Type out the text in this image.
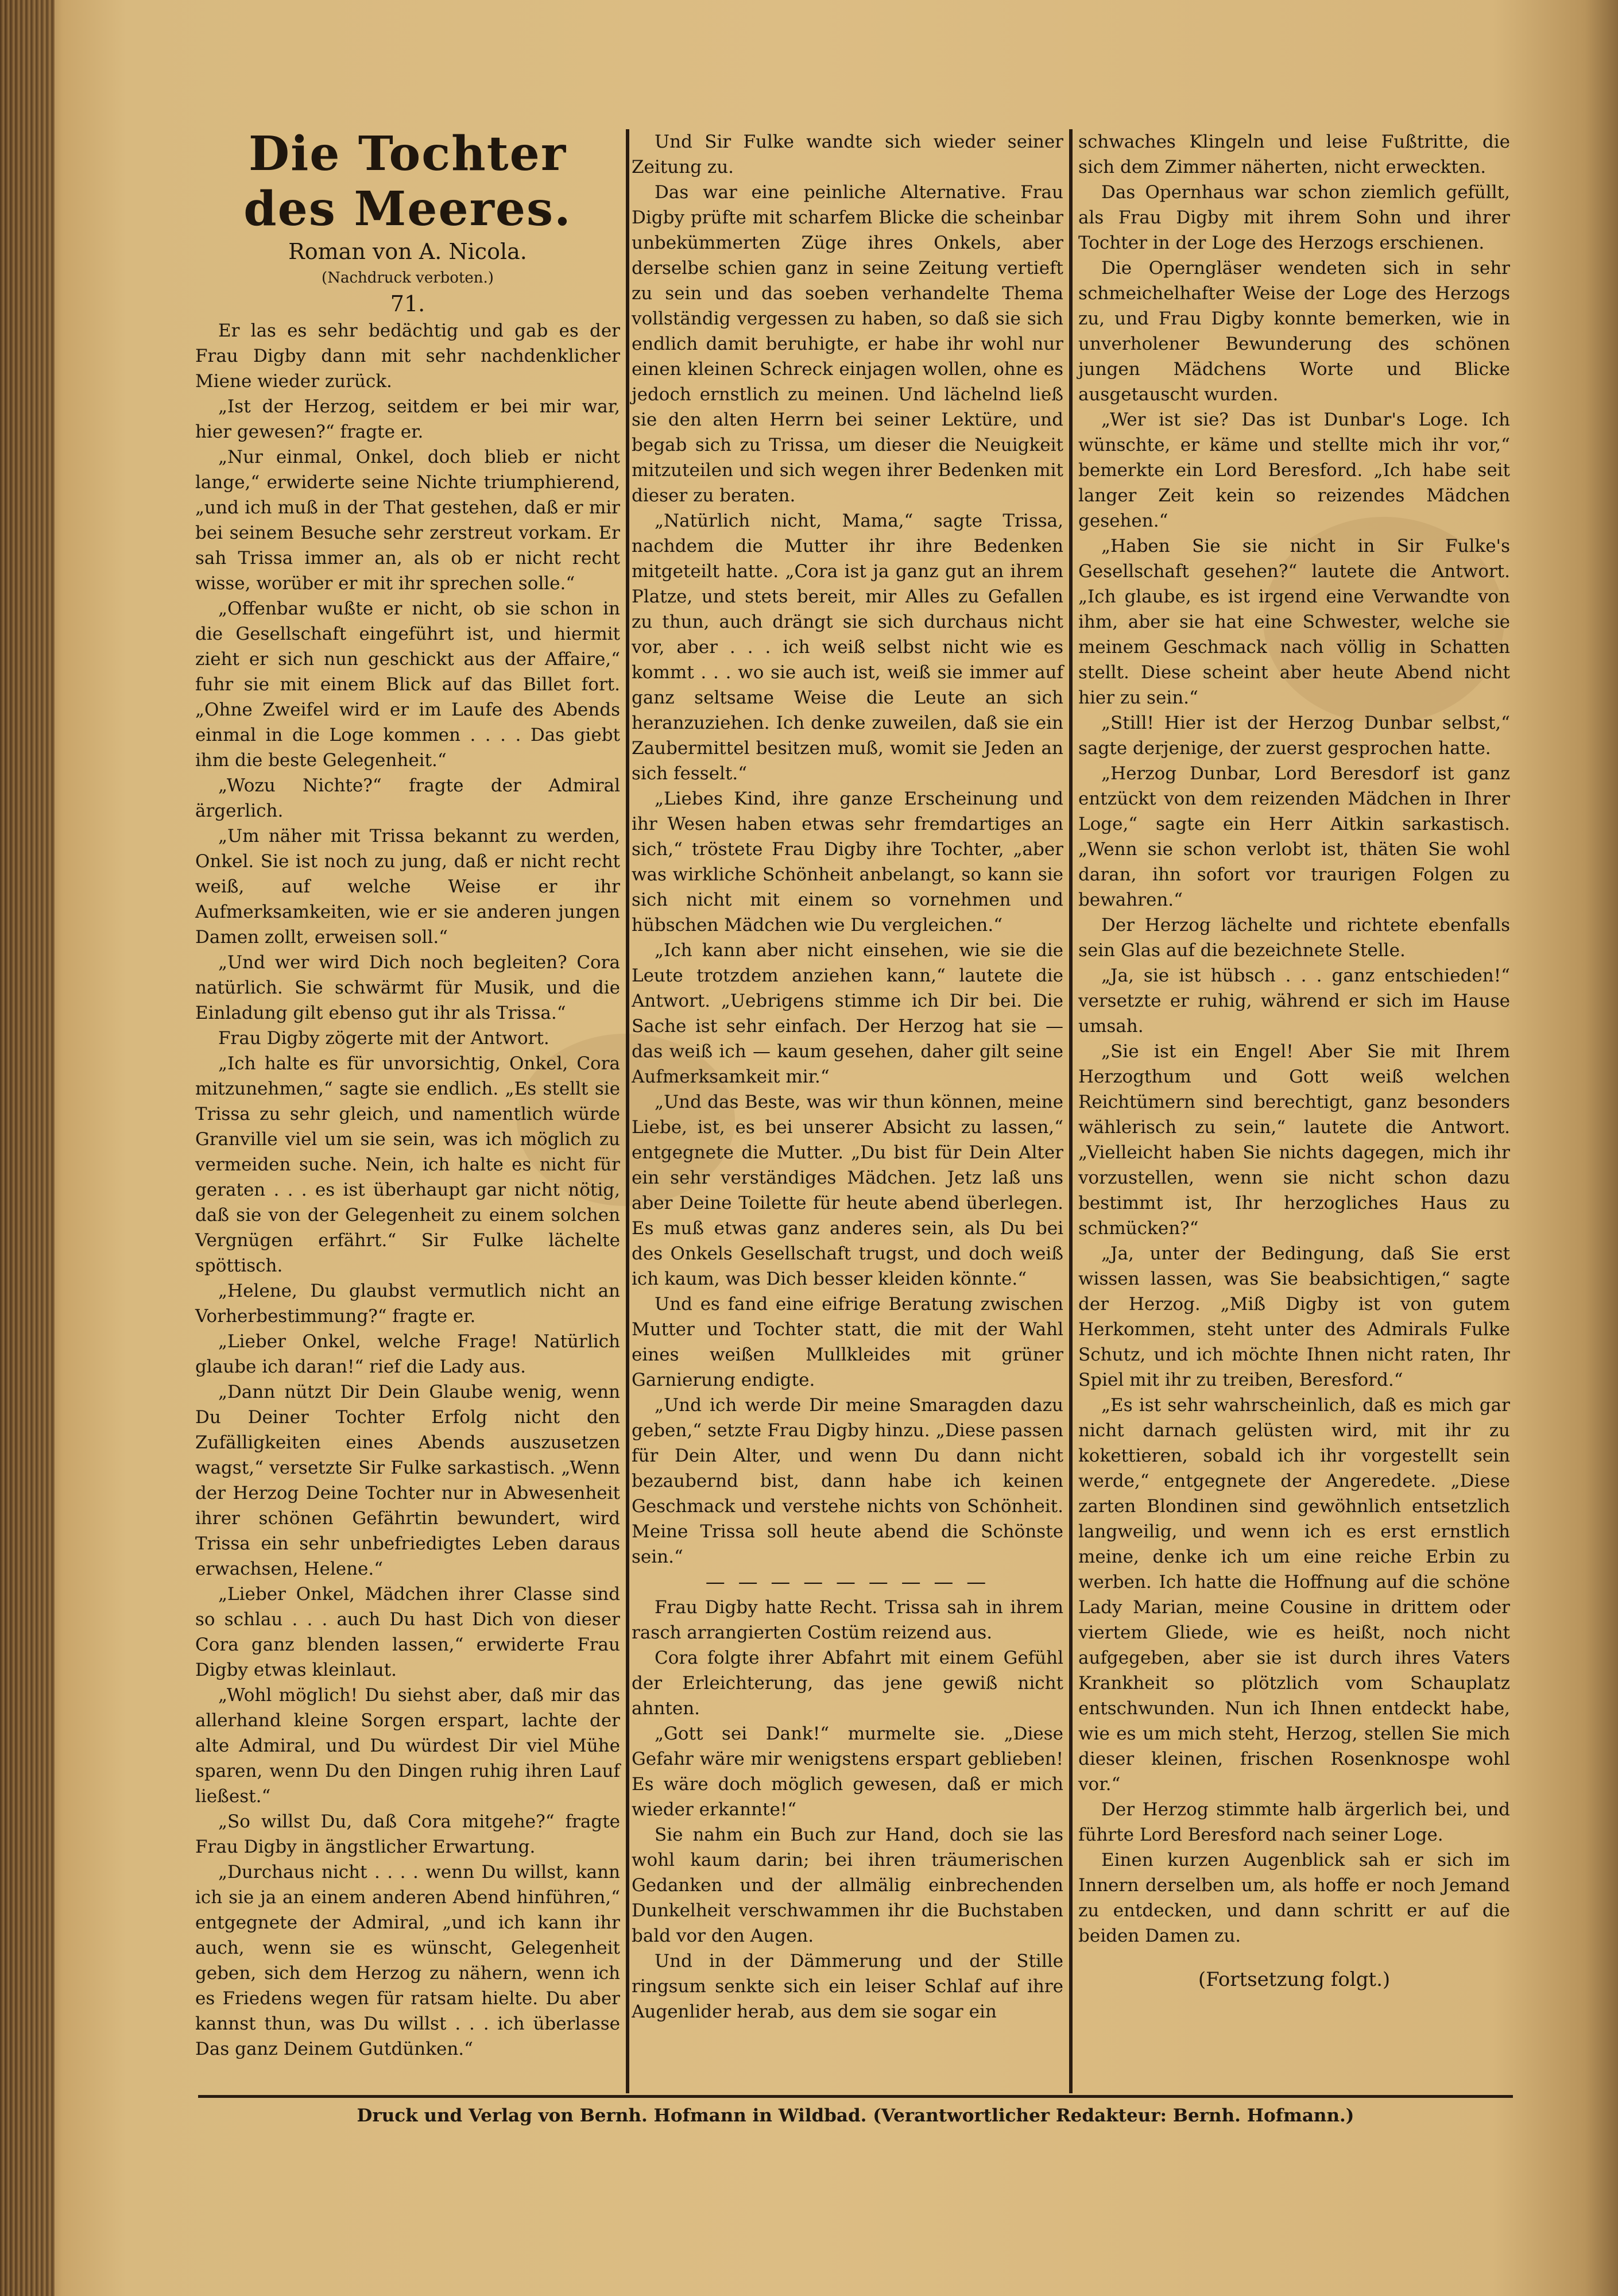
Die Tochter des Meeres.
Roman von A. Nicola.
(Nachdruck verboten.)
71.

Er las es sehr bedächtig und gab es der Frau Digby dann mit sehr nachdenklicher Miene wieder zurück.

„Ist der Herzog, seitdem er bei mir war, hier gewesen?“ fragte er.

„Nur einmal, Onkel, doch blieb er nicht lange,“ erwiderte seine Nichte triumphierend, „und ich muß in der That gestehen, daß er mir bei seinem Besuche sehr zerstreut vorkam. Er sah Trissa immer an, als ob er nicht recht wisse, worüber er mit ihr sprechen solle.“

„Offenbar wußte er nicht, ob sie schon in die Gesellschaft eingeführt ist, und hiermit zieht er sich nun geschickt aus der Affaire,“ fuhr sie mit einem Blick auf das Billet fort. „Ohne Zweifel wird er im Laufe des Abends einmal in die Loge kommen . . . . Das giebt ihm die beste Gelegenheit.“

„Wozu Nichte?“ fragte der Admiral ärgerlich.

„Um näher mit Trissa bekannt zu werden, Onkel. Sie ist noch zu jung, daß er nicht recht weiß, auf welche Weise er ihr Aufmerksamkeiten, wie er sie anderen jungen Damen zollt, erweisen soll.“

„Und wer wird Dich noch begleiten? Cora natürlich. Sie schwärmt für Musik, und die Einladung gilt ebenso gut ihr als Trissa.“

Frau Digby zögerte mit der Antwort.

„Ich halte es für unvorsichtig, Onkel, Cora mitzunehmen,“ sagte sie endlich. „Es stellt sie Trissa zu sehr gleich, und namentlich würde Granville viel um sie sein, was ich möglich zu vermeiden suche. Nein, ich halte es nicht für geraten . . . es ist überhaupt gar nicht nötig, daß sie von der Gelegenheit zu einem solchen Vergnügen erfährt.“ Sir Fulke lächelte spöttisch.

„Helene, Du glaubst vermutlich nicht an Vorherbestimmung?“ fragte er.

„Lieber Onkel, welche Frage! Natürlich glaube ich daran!“ rief die Lady aus.

„Dann nützt Dir Dein Glaube wenig, wenn Du Deiner Tochter Erfolg nicht den Zufälligkeiten eines Abends auszusetzen wagst,“ versetzte Sir Fulke sarkastisch. „Wenn der Herzog Deine Tochter nur in Abwesenheit ihrer schönen Gefährtin bewundert, wird Trissa ein sehr unbefriedigtes Leben daraus erwachsen, Helene.“

„Lieber Onkel, Mädchen ihrer Classe sind so schlau . . . auch Du hast Dich von dieser Cora ganz blenden lassen,“ erwiderte Frau Digby etwas kleinlaut.

„Wohl möglich! Du siehst aber, daß mir das allerhand kleine Sorgen erspart, lachte der alte Admiral, und Du würdest Dir viel Mühe sparen, wenn Du den Dingen ruhig ihren Lauf ließest.“

„So willst Du, daß Cora mitgehe?“ fragte Frau Digby in ängstlicher Erwartung.

„Durchaus nicht . . . . wenn Du willst, kann ich sie ja an einem anderen Abend hinführen,“ entgegnete der Admiral, „und ich kann ihr auch, wenn sie es wünscht, Gelegenheit geben, sich dem Herzog zu nähern, wenn ich es Friedens wegen für ratsam hielte. Du aber kannst thun, was Du willst . . . ich überlasse Das ganz Deinem Gutdünken.“

Und Sir Fulke wandte sich wieder seiner Zeitung zu.

Das war eine peinliche Alternative. Frau Digby prüfte mit scharfem Blicke die scheinbar unbekümmerten Züge ihres Onkels, aber derselbe schien ganz in seine Zeitung vertieft zu sein und das soeben verhandelte Thema vollständig vergessen zu haben, so daß sie sich endlich damit beruhigte, er habe ihr wohl nur einen kleinen Schreck einjagen wollen, ohne es jedoch ernstlich zu meinen. Und lächelnd ließ sie den alten Herrn bei seiner Lektüre, und begab sich zu Trissa, um dieser die Neuigkeit mitzuteilen und sich wegen ihrer Bedenken mit dieser zu beraten.

„Natürlich nicht, Mama,“ sagte Trissa, nachdem die Mutter ihr ihre Bedenken mitgeteilt hatte. „Cora ist ja ganz gut an ihrem Platze, und stets bereit, mir Alles zu Gefallen zu thun, auch drängt sie sich durchaus nicht vor, aber . . . ich weiß selbst nicht wie es kommt . . . wo sie auch ist, weiß sie immer auf ganz seltsame Weise die Leute an sich heranzuziehen. Ich denke zuweilen, daß sie ein Zaubermittel besitzen muß, womit sie Jeden an sich fesselt.“

„Liebes Kind, ihre ganze Erscheinung und ihr Wesen haben etwas sehr fremdartiges an sich,“ tröstete Frau Digby ihre Tochter, „aber was wirkliche Schönheit anbelangt, so kann sie sich nicht mit einem so vornehmen und hübschen Mädchen wie Du vergleichen.“

„Ich kann aber nicht einsehen, wie sie die Leute trotzdem anziehen kann,“ lautete die Antwort. „Uebrigens stimme ich Dir bei. Die Sache ist sehr einfach. Der Herzog hat sie — das weiß ich — kaum gesehen, daher gilt seine Aufmerksamkeit mir.“

„Und das Beste, was wir thun können, meine Liebe, ist, es bei unserer Absicht zu lassen,“ entgegnete die Mutter. „Du bist für Dein Alter ein sehr verständiges Mädchen. Jetz laß uns aber Deine Toilette für heute abend überlegen. Es muß etwas ganz anderes sein, als Du bei des Onkels Gesellschaft trugst, und doch weiß ich kaum, was Dich besser kleiden könnte.“

Und es fand eine eifrige Beratung zwischen Mutter und Tochter statt, die mit der Wahl eines weißen Mullkleides mit grüner Garnierung endigte.

„Und ich werde Dir meine Smaragden dazu geben,“ setzte Frau Digby hinzu. „Diese passen für Dein Alter, und wenn Du dann nicht bezaubernd bist, dann habe ich keinen Geschmack und verstehe nichts von Schönheit. Meine Trissa soll heute abend die Schönste sein.“

— — — — — — — — —

Frau Digby hatte Recht. Trissa sah in ihrem rasch arrangierten Costüm reizend aus.

Cora folgte ihrer Abfahrt mit einem Gefühl der Erleichterung, das jene gewiß nicht ahnten.

„Gott sei Dank!“ murmelte sie. „Diese Gefahr wäre mir wenigstens erspart geblieben! Es wäre doch möglich gewesen, daß er mich wieder erkannte!“

Sie nahm ein Buch zur Hand, doch sie las wohl kaum darin; bei ihren träumerischen Gedanken und der allmälig einbrechenden Dunkelheit verschwammen ihr die Buchstaben bald vor den Augen.

Und in der Dämmerung und der Stille ringsum senkte sich ein leiser Schlaf auf ihre Augenlider herab, aus dem sie sogar ein

schwaches Klingeln und leise Fußtritte, die sich dem Zimmer näherten, nicht erweckten.

Das Opernhaus war schon ziemlich gefüllt, als Frau Digby mit ihrem Sohn und ihrer Tochter in der Loge des Herzogs erschienen.

Die Operngläser wendeten sich in sehr schmeichelhafter Weise der Loge des Herzogs zu, und Frau Digby konnte bemerken, wie in unverholener Bewunderung des schönen jungen Mädchens Worte und Blicke ausgetauscht wurden.

„Wer ist sie? Das ist Dunbar's Loge. Ich wünschte, er käme und stellte mich ihr vor,“ bemerkte ein Lord Beresford. „Ich habe seit langer Zeit kein so reizendes Mädchen gesehen.“

„Haben Sie sie nicht in Sir Fulke's Gesellschaft gesehen?“ lautete die Antwort. „Ich glaube, es ist irgend eine Verwandte von ihm, aber sie hat eine Schwester, welche sie meinem Geschmack nach völlig in Schatten stellt. Diese scheint aber heute Abend nicht hier zu sein.“

„Still! Hier ist der Herzog Dunbar selbst,“ sagte derjenige, der zuerst gesprochen hatte.

„Herzog Dunbar, Lord Beresdorf ist ganz entzückt von dem reizenden Mädchen in Ihrer Loge,“ sagte ein Herr Aitkin sarkastisch. „Wenn sie schon verlobt ist, thäten Sie wohl daran, ihn sofort vor traurigen Folgen zu bewahren.“

Der Herzog lächelte und richtete ebenfalls sein Glas auf die bezeichnete Stelle.

„Ja, sie ist hübsch . . . ganz entschieden!“ versetzte er ruhig, während er sich im Hause umsah.

„Sie ist ein Engel! Aber Sie mit Ihrem Herzogthum und Gott weiß welchen Reichtümern sind berechtigt, ganz besonders wählerisch zu sein,“ lautete die Antwort. „Vielleicht haben Sie nichts dagegen, mich ihr vorzustellen, wenn sie nicht schon dazu bestimmt ist, Ihr herzogliches Haus zu schmücken?“

„Ja, unter der Bedingung, daß Sie erst wissen lassen, was Sie beabsichtigen,“ sagte der Herzog. „Miß Digby ist von gutem Herkommen, steht unter des Admirals Fulke Schutz, und ich möchte Ihnen nicht raten, Ihr Spiel mit ihr zu treiben, Beresford.“

„Es ist sehr wahrscheinlich, daß es mich gar nicht darnach gelüsten wird, mit ihr zu kokettieren, sobald ich ihr vorgestellt sein werde,“ entgegnete der Angeredete. „Diese zarten Blondinen sind gewöhnlich entsetzlich langweilig, und wenn ich es erst ernstlich meine, denke ich um eine reiche Erbin zu werben. Ich hatte die Hoffnung auf die schöne Lady Marian, meine Cousine in drittem oder viertem Gliede, wie es heißt, noch nicht aufgegeben, aber sie ist durch ihres Vaters Krankheit so plötzlich vom Schauplatz entschwunden. Nun ich Ihnen entdeckt habe, wie es um mich steht, Herzog, stellen Sie mich dieser kleinen, frischen Rosenknospe wohl vor.“

Der Herzog stimmte halb ärgerlich bei, und führte Lord Beresford nach seiner Loge.

Einen kurzen Augenblick sah er sich im Innern derselben um, als hoffe er noch Jemand zu entdecken, und dann schritt er auf die beiden Damen zu.

(Fortsetzung folgt.)
Druck und Verlag von Bernh. Hofmann in Wildbad. (Verantwortlicher Redakteur: Bernh. Hofmann.)
